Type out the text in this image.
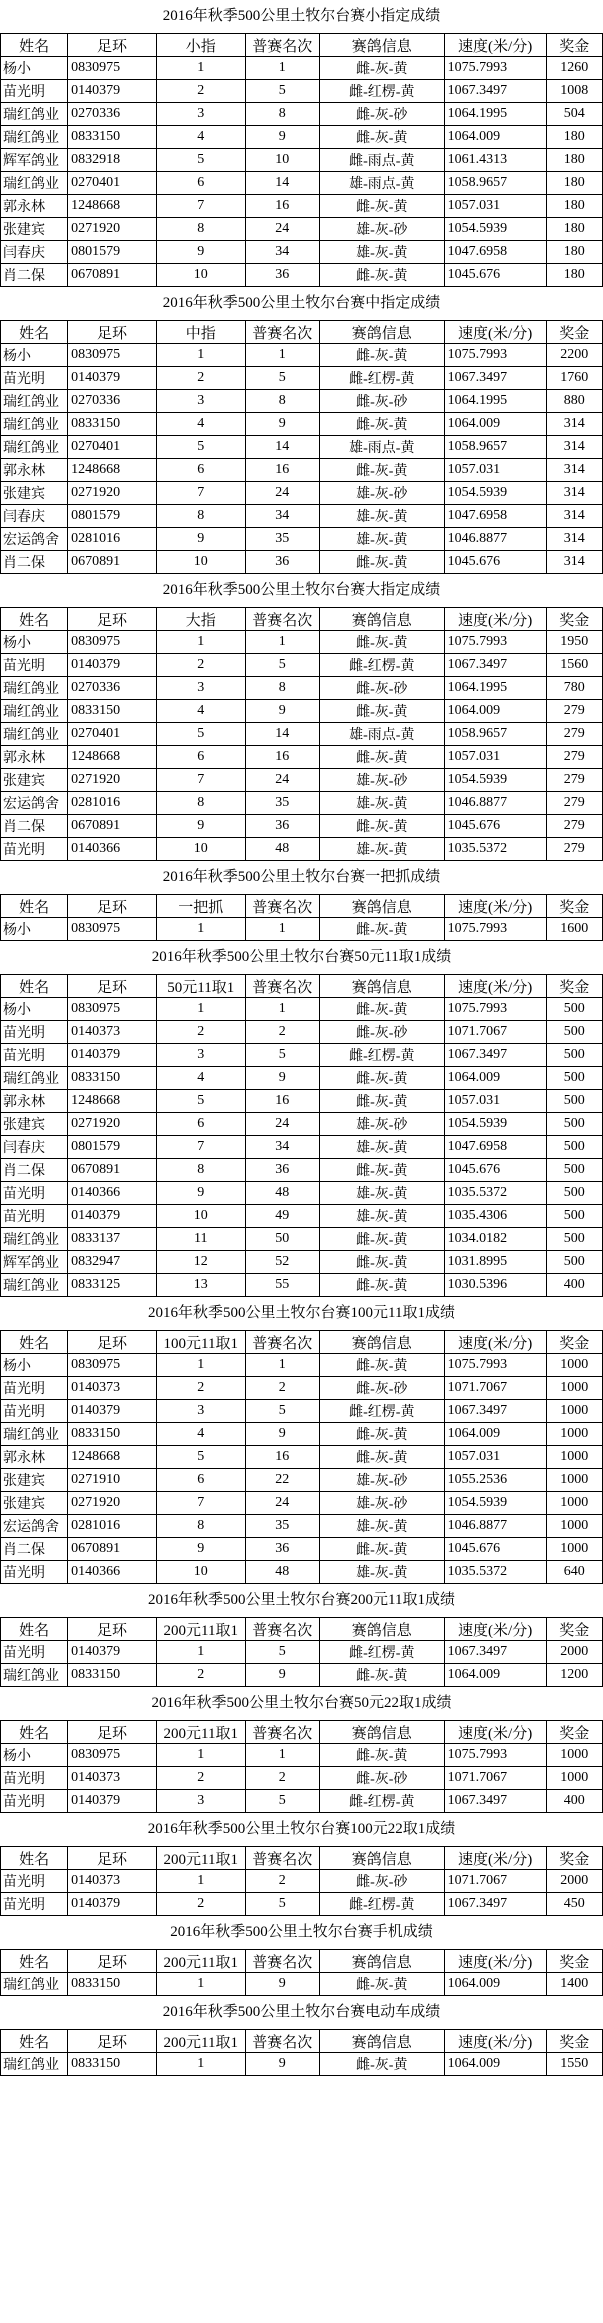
2016年秋季500公里土牧尔台赛小指定成绩
姓名	足环	小指	普赛名次	赛鸽信息	速度(米/分)	奖金
杨小	0830975	1	1	雌-灰-黄	1075.7993	1260
苗光明	0140379	2	5	雌-红楞-黄	1067.3497	1008
瑞红鸽业	0270336	3	8	雌-灰-砂	1064.1995	504
瑞红鸽业	0833150	4	9	雌-灰-黄	1064.009	180
辉军鸽业	0832918	5	10	雌-雨点-黄	1061.4313	180
瑞红鸽业	0270401	6	14	雄-雨点-黄	1058.9657	180
郭永林	1248668	7	16	雌-灰-黄	1057.031	180
张建宾	0271920	8	24	雄-灰-砂	1054.5939	180
闫春庆	0801579	9	34	雄-灰-黄	1047.6958	180
肖二保	0670891	10	36	雌-灰-黄	1045.676	180
2016年秋季500公里土牧尔台赛中指定成绩
姓名	足环	中指	普赛名次	赛鸽信息	速度(米/分)	奖金
杨小	0830975	1	1	雌-灰-黄	1075.7993	2200
苗光明	0140379	2	5	雌-红楞-黄	1067.3497	1760
瑞红鸽业	0270336	3	8	雌-灰-砂	1064.1995	880
瑞红鸽业	0833150	4	9	雌-灰-黄	1064.009	314
瑞红鸽业	0270401	5	14	雄-雨点-黄	1058.9657	314
郭永林	1248668	6	16	雌-灰-黄	1057.031	314
张建宾	0271920	7	24	雄-灰-砂	1054.5939	314
闫春庆	0801579	8	34	雄-灰-黄	1047.6958	314
宏运鸽舍	0281016	9	35	雄-灰-黄	1046.8877	314
肖二保	0670891	10	36	雌-灰-黄	1045.676	314
2016年秋季500公里土牧尔台赛大指定成绩
姓名	足环	大指	普赛名次	赛鸽信息	速度(米/分)	奖金
杨小	0830975	1	1	雌-灰-黄	1075.7993	1950
苗光明	0140379	2	5	雌-红楞-黄	1067.3497	1560
瑞红鸽业	0270336	3	8	雌-灰-砂	1064.1995	780
瑞红鸽业	0833150	4	9	雌-灰-黄	1064.009	279
瑞红鸽业	0270401	5	14	雄-雨点-黄	1058.9657	279
郭永林	1248668	6	16	雌-灰-黄	1057.031	279
张建宾	0271920	7	24	雄-灰-砂	1054.5939	279
宏运鸽舍	0281016	8	35	雄-灰-黄	1046.8877	279
肖二保	0670891	9	36	雌-灰-黄	1045.676	279
苗光明	0140366	10	48	雄-灰-黄	1035.5372	279
2016年秋季500公里土牧尔台赛一把抓成绩
姓名	足环	一把抓	普赛名次	赛鸽信息	速度(米/分)	奖金
杨小	0830975	1	1	雌-灰-黄	1075.7993	1600
2016年秋季500公里土牧尔台赛50元11取1成绩
姓名	足环	50元11取1	普赛名次	赛鸽信息	速度(米/分)	奖金
杨小	0830975	1	1	雌-灰-黄	1075.7993	500
苗光明	0140373	2	2	雌-灰-砂	1071.7067	500
苗光明	0140379	3	5	雌-红楞-黄	1067.3497	500
瑞红鸽业	0833150	4	9	雌-灰-黄	1064.009	500
郭永林	1248668	5	16	雌-灰-黄	1057.031	500
张建宾	0271920	6	24	雄-灰-砂	1054.5939	500
闫春庆	0801579	7	34	雄-灰-黄	1047.6958	500
肖二保	0670891	8	36	雌-灰-黄	1045.676	500
苗光明	0140366	9	48	雄-灰-黄	1035.5372	500
苗光明	0140379	10	49	雄-灰-黄	1035.4306	500
瑞红鸽业	0833137	11	50	雌-灰-黄	1034.0182	500
辉军鸽业	0832947	12	52	雌-灰-黄	1031.8995	500
瑞红鸽业	0833125	13	55	雌-灰-黄	1030.5396	400
2016年秋季500公里土牧尔台赛100元11取1成绩
姓名	足环	100元11取1	普赛名次	赛鸽信息	速度(米/分)	奖金
杨小	0830975	1	1	雌-灰-黄	1075.7993	1000
苗光明	0140373	2	2	雌-灰-砂	1071.7067	1000
苗光明	0140379	3	5	雌-红楞-黄	1067.3497	1000
瑞红鸽业	0833150	4	9	雌-灰-黄	1064.009	1000
郭永林	1248668	5	16	雌-灰-黄	1057.031	1000
张建宾	0271910	6	22	雄-灰-砂	1055.2536	1000
张建宾	0271920	7	24	雄-灰-砂	1054.5939	1000
宏运鸽舍	0281016	8	35	雄-灰-黄	1046.8877	1000
肖二保	0670891	9	36	雌-灰-黄	1045.676	1000
苗光明	0140366	10	48	雄-灰-黄	1035.5372	640
2016年秋季500公里土牧尔台赛200元11取1成绩
姓名	足环	200元11取1	普赛名次	赛鸽信息	速度(米/分)	奖金
苗光明	0140379	1	5	雌-红楞-黄	1067.3497	2000
瑞红鸽业	0833150	2	9	雌-灰-黄	1064.009	1200
2016年秋季500公里土牧尔台赛50元22取1成绩
姓名	足环	200元11取1	普赛名次	赛鸽信息	速度(米/分)	奖金
杨小	0830975	1	1	雌-灰-黄	1075.7993	1000
苗光明	0140373	2	2	雌-灰-砂	1071.7067	1000
苗光明	0140379	3	5	雌-红楞-黄	1067.3497	400
2016年秋季500公里土牧尔台赛100元22取1成绩
姓名	足环	200元11取1	普赛名次	赛鸽信息	速度(米/分)	奖金
苗光明	0140373	1	2	雌-灰-砂	1071.7067	2000
苗光明	0140379	2	5	雌-红楞-黄	1067.3497	450
2016年秋季500公里土牧尔台赛手机成绩
姓名	足环	200元11取1	普赛名次	赛鸽信息	速度(米/分)	奖金
瑞红鸽业	0833150	1	9	雌-灰-黄	1064.009	1400
2016年秋季500公里土牧尔台赛电动车成绩
姓名	足环	200元11取1	普赛名次	赛鸽信息	速度(米/分)	奖金
瑞红鸽业	0833150	1	9	雌-灰-黄	1064.009	1550
